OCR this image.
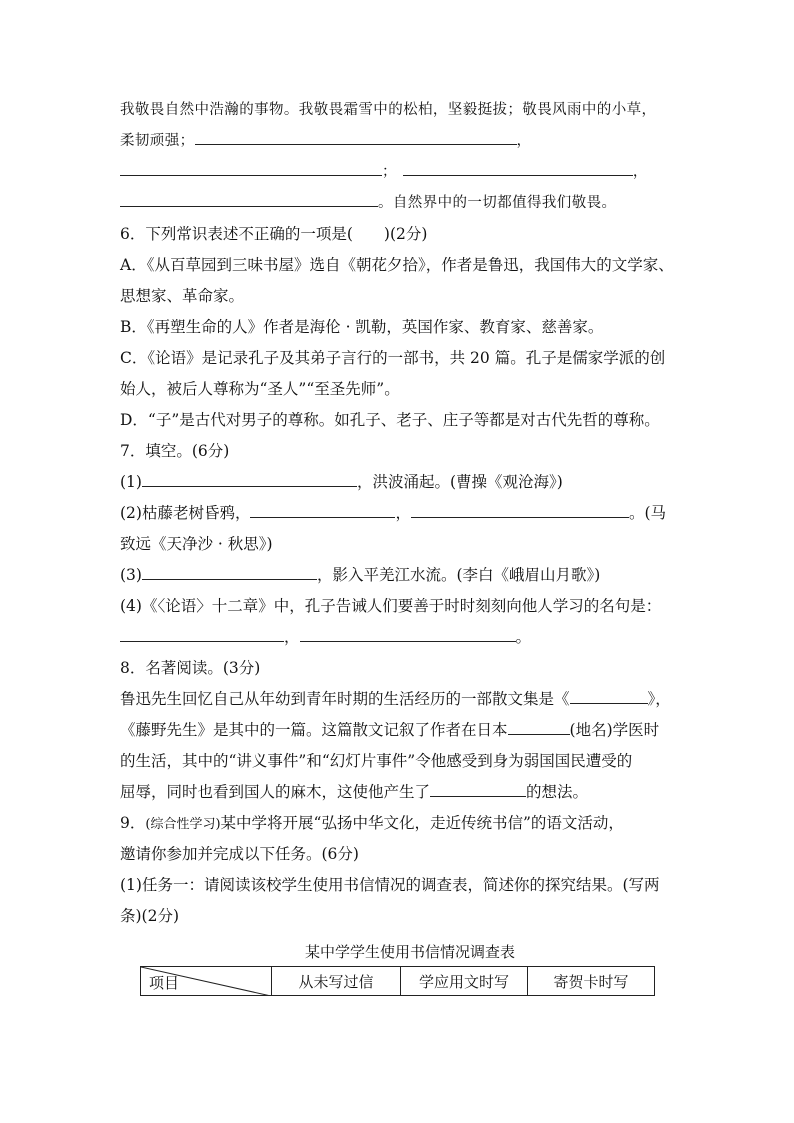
我敬畏自然中浩瀚的事物。我敬畏霜雪中的松柏，坚毅挺拔；敬畏风雨中的小草，
柔韧顽强；	，
；	，
。自然界中的一切都值得我们敬畏。
6．下列常识表述不正确的一项是(　　)(2分)
A．《从百草园到三味书屋》选自《朝花夕拾》，作者是鲁迅，我国伟大的文学家、
思想家、革命家。
B．《再塑生命的人》作者是海伦 · 凯勒，英国作家、教育家、慈善家。
C．《论语》是记录孔子及其弟子言行的一部书，共 20 篇。孔子是儒家学派的创
始人，被后人尊称为“圣人”“至圣先师”。
D．“子”是古代对男子的尊称。如孔子、老子、庄子等都是对古代先哲的尊称。
7．填空。(6分)
(1)	，洪波涌起。(曹操《观沧海》)
(2)枯藤老树昏鸦，	，	。(马
致远《天净沙 · 秋思》)
(3)	，影入平羌江水流。(李白《峨眉山月歌》)
(4)《〈论语〉十二章》中，孔子告诫人们要善于时时刻刻向他人学习的名句是：
，	。
8．名著阅读。(3分)
鲁迅先生回忆自己从年幼到青年时期的生活经历的一部散文集是《	》，
《藤野先生》是其中的一篇。这篇散文记叙了作者在日本	(地名)学医时
的生活，其中的“讲义事件”和“幻灯片事件”令他感受到身为弱国国民遭受的
屈辱，同时也看到国人的麻木，这使他产生了	的想法。
9．(综合性学习)某中学将开展“弘扬中华文化，走近传统书信”的语文活动，
邀请你参加并完成以下任务。(6分)
(1)任务一：请阅读该校学生使用书信情况的调查表，简述你的探究结果。(写两
条)(2分)
某中学学生使用书信情况调查表
项目	从未写过信	学应用文时写	寄贺卡时写
